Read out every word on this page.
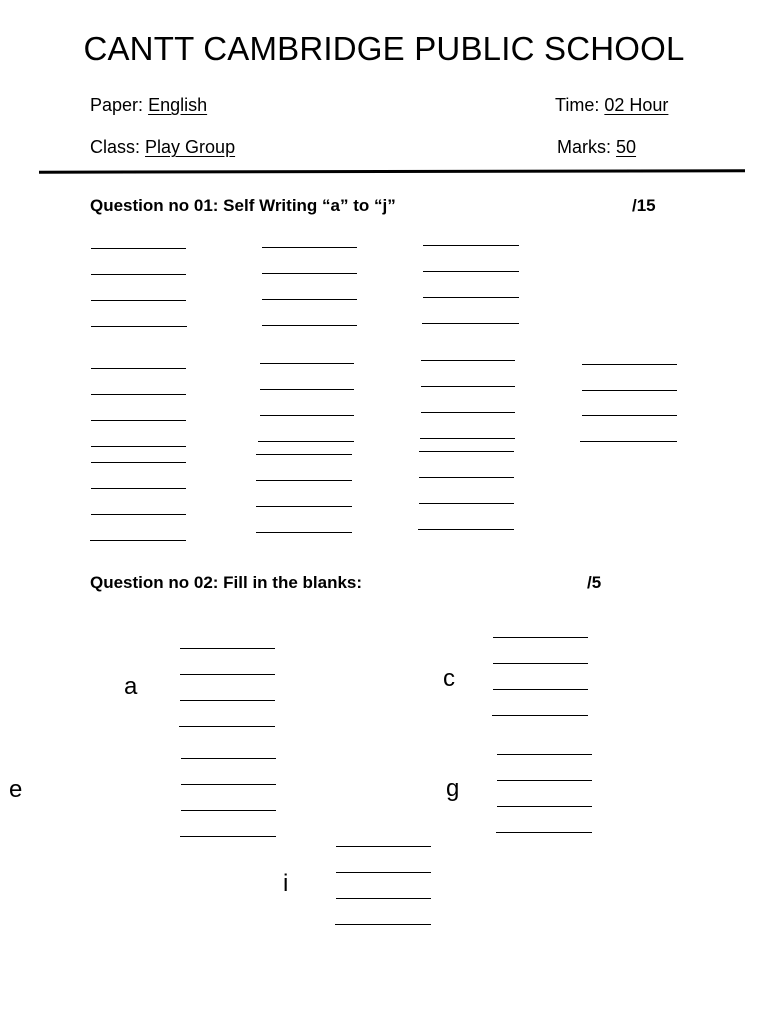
CANTT CAMBRIDGE PUBLIC SCHOOL
Paper: English	Time: 02 Hour
Class: Play Group	Marks: 50
Question no 01: Self Writing “a” to “j”	/15
Question no 02: Fill in the blanks:	/5
a	c
e	g
i
